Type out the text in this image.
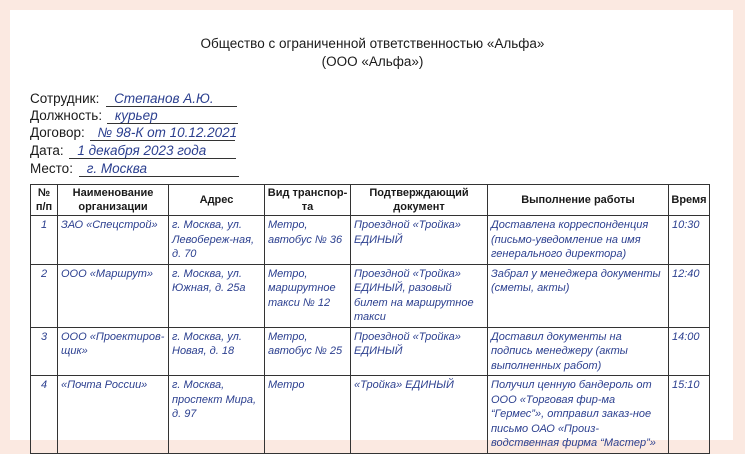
Общество с ограниченной ответственностью «Альфа»
(ООО «Альфа»)
Сотрудник: Степанов А.Ю.
Должность: курьер
Договор: № 98-К от 10.12.2021
Дата: 1 декабря 2023 года
Место: г. Москва
№ п/п	Наименование организации	Адрес	Вид транспор-та	Подтверждающий документ	Выполнение работы	Время
1	ЗАО «Спецстрой»	г. Москва, ул. Левобереж-ная, д. 70	Метро, автобус № 36	Проездной «Тройка» ЕДИНЫЙ	Доставлена корреспонденция (письмо-уведомление на имя генерального директора)	10:30
2	ООО «Маршрут»	г. Москва, ул. Южная, д. 25а	Метро, маршрутное такси № 12	Проездной «Тройка» ЕДИНЫЙ, разовый билет на маршрутное такси	Забрал у менеджера документы (сметы, акты)	12:40
3	ООО «Проектиров-щик»	г. Москва, ул. Новая, д. 18	Метро, автобус № 25	Проездной «Тройка» ЕДИНЫЙ	Доставил документы на подпись менеджеру (акты выполненных работ)	14:00
4	«Почта России»	г. Москва, проспект Мира, д. 97	Метро	«Тройка» ЕДИНЫЙ	Получил ценную бандероль от ООО «Торговая фир-ма “Гермес”», отправил заказ-ное письмо ОАО «Произ-водственная фирма “Мастер”»	15:10
